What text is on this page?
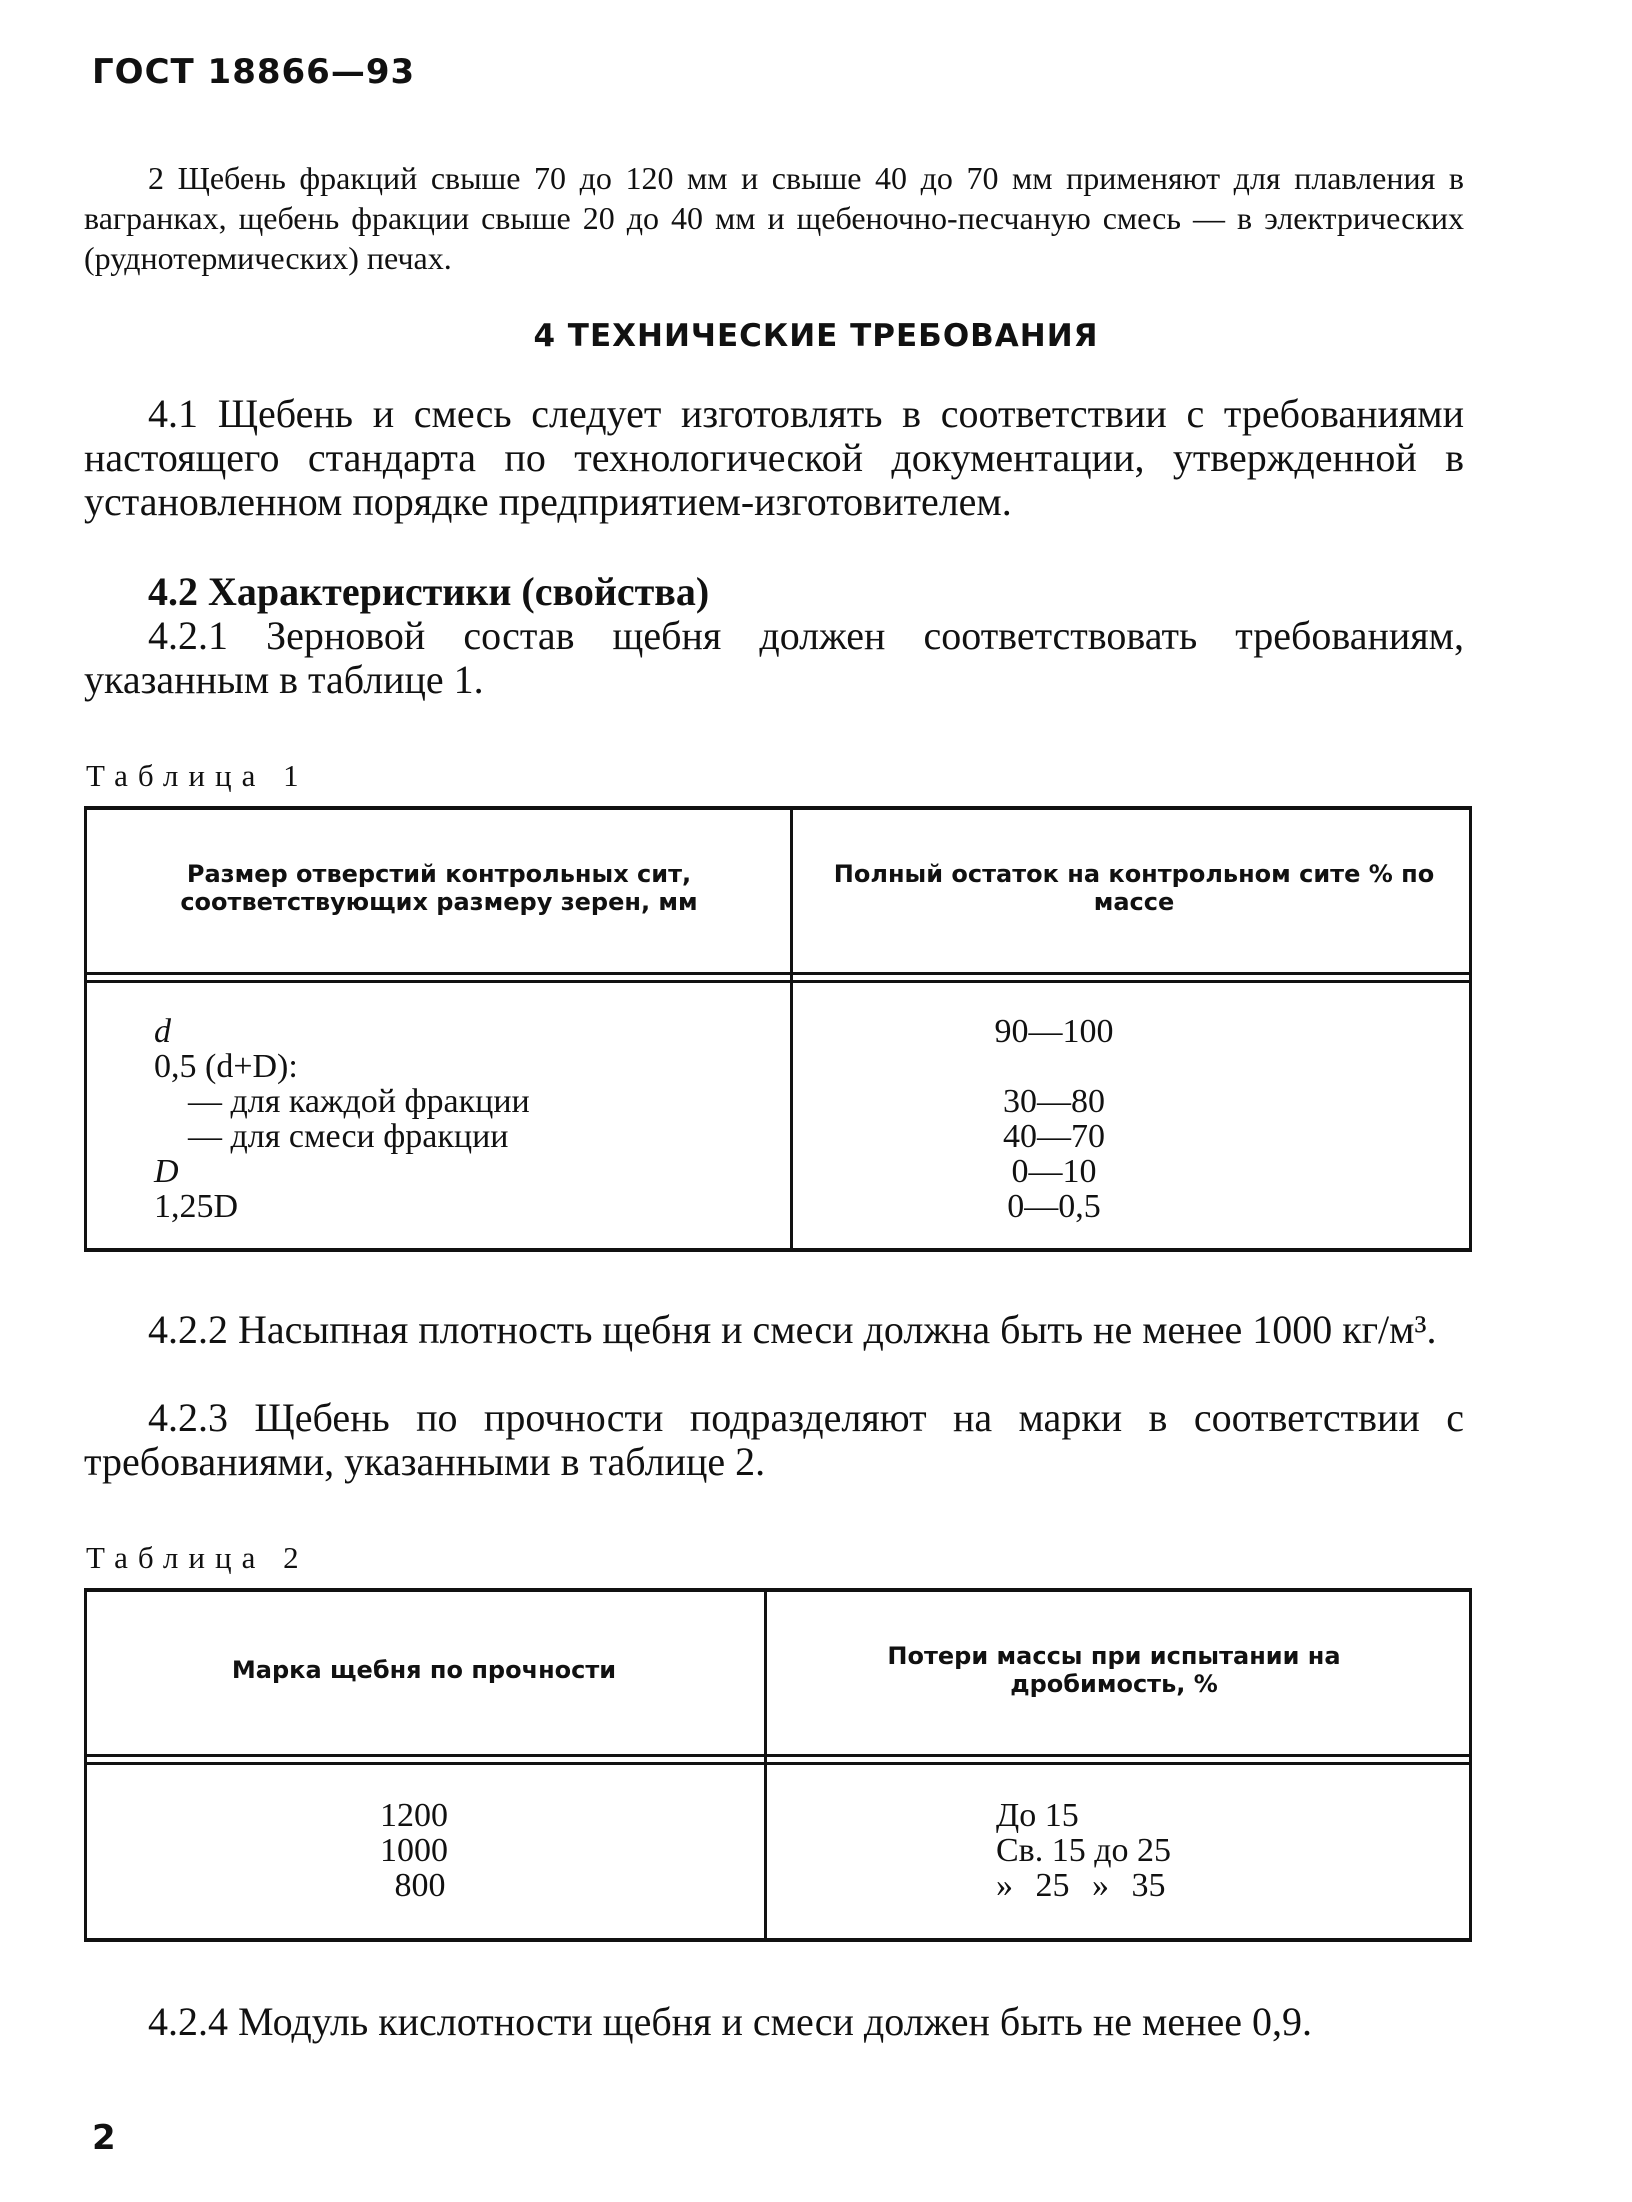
ГОСТ 18866—93
2 Щебень фракций свыше 70 до 120 мм и свыше 40 до 70 мм применяют для плавления в вагранках, щебень фракции свыше 20 до 40 мм и щебеночно-песчаную смесь — в электрических (руднотермических) печах.
4 ТЕХНИЧЕСКИЕ ТРЕБОВАНИЯ
4.1 Щебень и смесь следует изготовлять в соответствии с требованиями настоящего стандарта по технологической документации, утвержденной в установленном порядке предприятием-изготовителем.
4.2 Характеристики (свойства)
4.2.1 Зерновой состав щебня должен соответствовать требованиям, указанным в таблице 1.
Таблица 1
Размер отверстий контрольных сит, соответствующих размеру зерен, мм
Полный остаток на контрольном сите % по массе
d
0,5 (d+D):
— для каждой фракции
— для смеси фракции
D
1,25D
90—100
30—80
40—70
0—10
0—0,5
4.2.2 Насыпная плотность щебня и смеси должна быть не менее 1000 кг/м³.
4.2.3 Щебень по прочности подразделяют на марки в соответствии с требованиями, указанными в таблице 2.
Таблица 2
Марка щебня по прочности	Потери массы при испытании на дробимость, %
1200
1000
800
До 15
Св. 15 до 25
» 25 » 35
4.2.4 Модуль кислотности щебня и смеси должен быть не менее 0,9.
2
